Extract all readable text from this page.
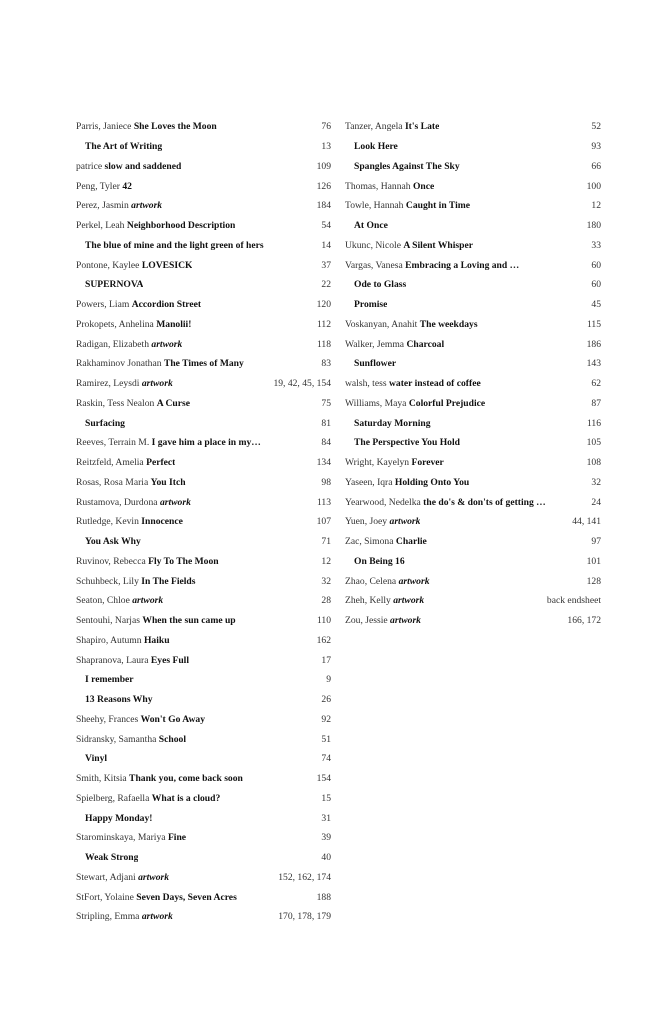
Parris, Janiece She Loves the Moon	76
The Art of Writing	13
patrice slow and saddened	109
Peng, Tyler 42	126
Perez, Jasmin artwork	184
Perkel, Leah Neighborhood Description	54
The blue of mine and the light green of hers	14
Pontone, Kaylee LOVESICK	37
SUPERNOVA	22
Powers, Liam Accordion Street	120
Prokopets, Anhelina Manolii!	112
Radigan, Elizabeth artwork	118
Rakhaminov Jonathan The Times of Many	83
Ramirez, Leysdi artwork	19, 42, 45, 154
Raskin, Tess Nealon A Curse	75
Surfacing	81
Reeves, Terrain M. I gave him a place in my…	84
Reitzfeld, Amelia Perfect	134
Rosas, Rosa Maria You Itch	98
Rustamova, Durdona artwork	113
Rutledge, Kevin Innocence	107
You Ask Why	71
Ruvinov, Rebecca Fly To The Moon	12
Schuhbeck, Lily In The Fields	32
Seaton, Chloe artwork	28
Sentouhi, Narjas When the sun came up	110
Shapiro, Autumn Haiku	162
Shapranova, Laura Eyes Full	17
I remember	9
13 Reasons Why	26
Sheehy, Frances Won't Go Away	92
Sidransky, Samantha School	51
Vinyl	74
Smith, Kitsia Thank you, come back soon	154
Spielberg, Rafaella What is a cloud?	15
Happy Monday!	31
Starominskaya, Mariya Fine	39
Weak Strong	40
Stewart, Adjani artwork	152, 162, 174
StFort, Yolaine Seven Days, Seven Acres	188
Stripling, Emma artwork	170, 178, 179
Tanzer, Angela It's Late	52
Look Here	93
Spangles Against The Sky	66
Thomas, Hannah Once	100
Towle, Hannah Caught in Time	12
At Once	180
Ukunc, Nicole A Silent Whisper	33
Vargas, Vanesa Embracing a Loving and …	60
Ode to Glass	60
Promise	45
Voskanyan, Anahit The weekdays	115
Walker, Jemma Charcoal	186
Sunflower	143
walsh, tess water instead of coffee	62
Williams, Maya Colorful Prejudice	87
Saturday Morning	116
The Perspective You Hold	105
Wright, Kayelyn Forever	108
Yaseen, Iqra Holding Onto You	32
Yearwood, Nedelka the do's & don'ts of getting …	24
Yuen, Joey artwork	44, 141
Zac, Simona Charlie	97
On Being 16	101
Zhao, Celena artwork	128
Zheh, Kelly artwork	back endsheet
Zou, Jessie artwork	166, 172
